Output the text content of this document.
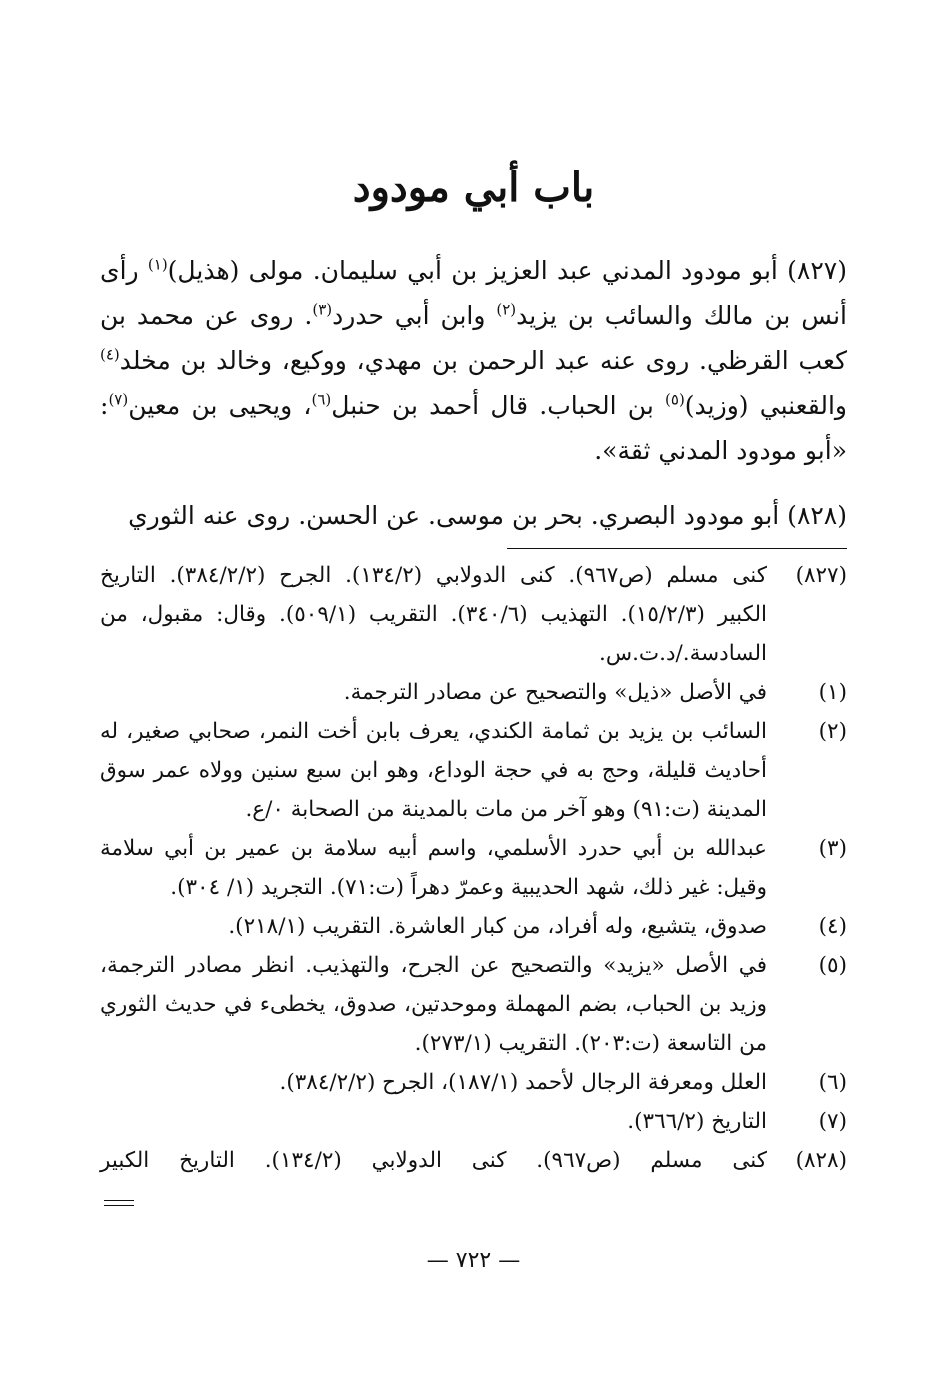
باب أبي مودود

(٨٢٧) أبو مودود المدني عبد العزيز بن أبي سليمان. مولى (هذيل)$^{(١)}$ رأى أنس بن مالك والسائب بن يزيد$^{(٢)}$ وابن أبي حدرد$^{(٣)}$. روى عن محمد بن كعب القرظي. روى عنه عبد الرحمن بن مهدي، ووكيع، وخالد بن مخلد$^{(٤)}$ والقعنبي (وزيد)$^{(٥)}$ بن الحباب. قال أحمد بن حنبل$^{(٦)}$، ويحيى بن معين$^{(٧)}$: «أبو مودود المدني ثقة».

(٨٢٨) أبو مودود البصري. بحر بن موسى. عن الحسن. روى عنه الثوري

(٨٢٧)
كنى مسلم (ص٩٦٧). كنى الدولابي (١٣٤/٢). الجرح (٣٨٤/٢/٢). التاريخ الكبير (١٥/٢/٣). التهذيب (٣٤٠/٦). التقريب (٥٠٩/١). وقال: مقبول، من السادسة./د.ت.س.
(١)
في الأصل «ذيل» والتصحيح عن مصادر الترجمة.
(٢)
السائب بن يزيد بن ثمامة الكندي، يعرف بابن أخت النمر، صحابي صغير، له أحاديث قليلة، وحج به في حجة الوداع، وهو ابن سبع سنين وولاه عمر سوق المدينة (ت:٩١) وهو آخر من مات بالمدينة من الصحابة ٠/ع.
(٣)
عبدالله بن أبي حدرد الأسلمي، واسم أبيه سلامة بن عمير بن أبي سلامة وقيل: غير ذلك، شهد الحديبية وعمرّ دهراً (ت:٧١). التجريد (١/ ٣٠٤).
(٤)
صدوق، يتشيع، وله أفراد، من كبار العاشرة. التقريب (٢١٨/١).
(٥)
في الأصل «يزيد» والتصحيح عن الجرح، والتهذيب. انظر مصادر الترجمة، وزيد بن الحباب، بضم المهملة وموحدتين، صدوق، يخطىء في حديث الثوري من التاسعة (ت:٢٠٣). التقريب (٢٧٣/١).
(٦)
العلل ومعرفة الرجال لأحمد (١٨٧/١)، الجرح (٣٨٤/٢/٢).
(٧)
التاريخ (٣٦٦/٢).
(٨٢٨)
كنى مسلم (ص٩٦٧). كنى الدولابي (١٣٤/٢). التاريخ الكبير
— ٧٢٢ —
